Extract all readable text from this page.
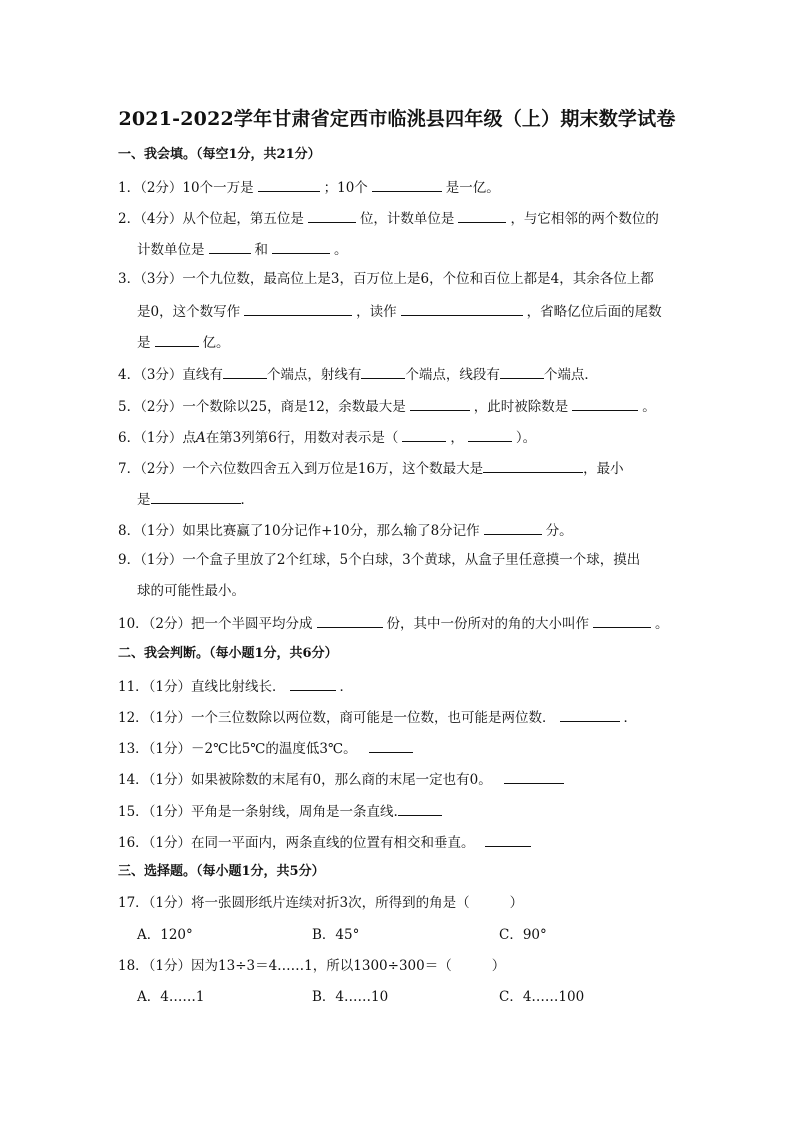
2021-2022学年甘肃省定西市临洮县四年级（上）期末数学试卷
一、我会填。（每空1分，共21分）
1．（2分）10个一万是	；10个	是一亿。
2．（4分）从个位起，第五位是	位，计数单位是	，与它相邻的两个数位的
计数单位是	和	。
3．（3分）一个九位数，最高位上是3，百万位上是6，个位和百位上都是4，其余各位上都
是0，这个数写作	，读作	，省略亿位后面的尾数
是	亿。
4．（3分）直线有	个端点，射线有	个端点，线段有	个端点．
5．（2分）一个数除以25，商是12，余数最大是	，此时被除数是	。
6．（1分）点A在第3列第6行，用数对表示是（	，	）。
7．（2分）一个六位数四舍五入到万位是16万，这个数最大是	，最小
是	．
8．（1分）如果比赛赢了10分记作+10分，那么输了8分记作	分。
9．（1分）一个盒子里放了2个红球，5个白球，3个黄球，从盒子里任意摸一个球，摸出
球的可能性最小。
10．（2分）把一个半圆平均分成	份，其中一份所对的角的大小叫作	。
二、我会判断。（每小题1分，共6分）
11．（1分）直线比射线长．	．
12．（1分）一个三位数除以两位数，商可能是一位数，也可能是两位数．	．
13．（1分）－2℃比5℃的温度低3℃。
14．（1分）如果被除数的末尾有0，那么商的末尾一定也有0。
15．（1分）平角是一条射线，周角是一条直线.
16．（1分）在同一平面内，两条直线的位置有相交和垂直。
三、选择题。（每小题1分，共5分）
17．（1分）将一张圆形纸片连续对折3次，所得到的角是（	）
A．120°	B．45°	C．90°
18．（1分）因为13÷3＝4……1，所以1300÷300＝（	）
A．4……1	B．4……10	C．4……100
